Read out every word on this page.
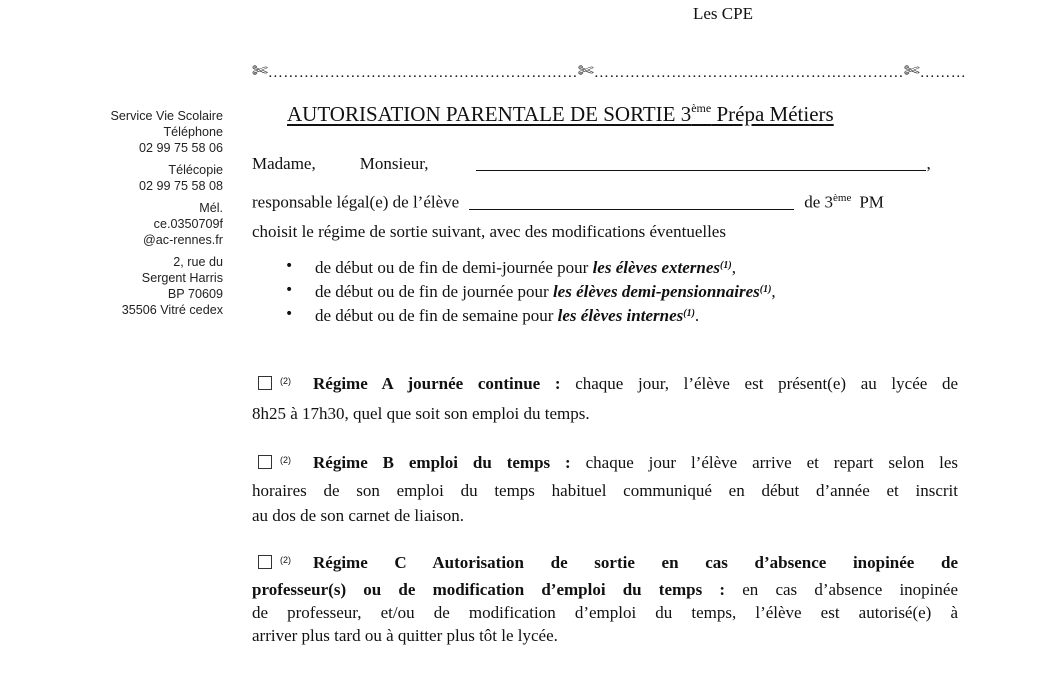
Les CPE
✄……………………………………………………✄……………………………………………………✄………
Service Vie Scolaire
Téléphone
02 99 75 58 06
Télécopie
02 99 75 58 08
Mél.
ce.0350709f
@ac-rennes.fr
2, rue du
Sergent Harris
BP 70609
35506 Vitré cedex
AUTORISATION PARENTALE DE SORTIE 3ème Prépa Métiers
Madame,	Monsieur,	,
responsable légal(e) de l’élève	de 3ème PM
choisit le régime de sortie suivant, avec des modifications éventuelles
• de début ou de fin de demi-journée pour les élèves externes$^{(1)}$,
• de début ou de fin de journée pour les élèves demi-pensionnaires$^{(1)}$,
• de début ou de fin de semaine pour les élèves internes$^{(1)}$.
$^{(2)}$ Régime A journée continue : chaque jour, l’élève est présent(e) au lycée de
8h25 à 17h30, quel que soit son emploi du temps.
$^{(2)}$ Régime B emploi du temps : chaque jour l’élève arrive et repart selon les
horaires de son emploi du temps habituel communiqué en début d’année et inscrit
au dos de son carnet de liaison.
$^{(2)}$ Régime C Autorisation de sortie en cas d’absence inopinée de
professeur(s) ou de modification d’emploi du temps : en cas d’absence inopinée
de professeur, et/ou de modification d’emploi du temps, l’élève est autorisé(e) à
arriver plus tard ou à quitter plus tôt le lycée.
